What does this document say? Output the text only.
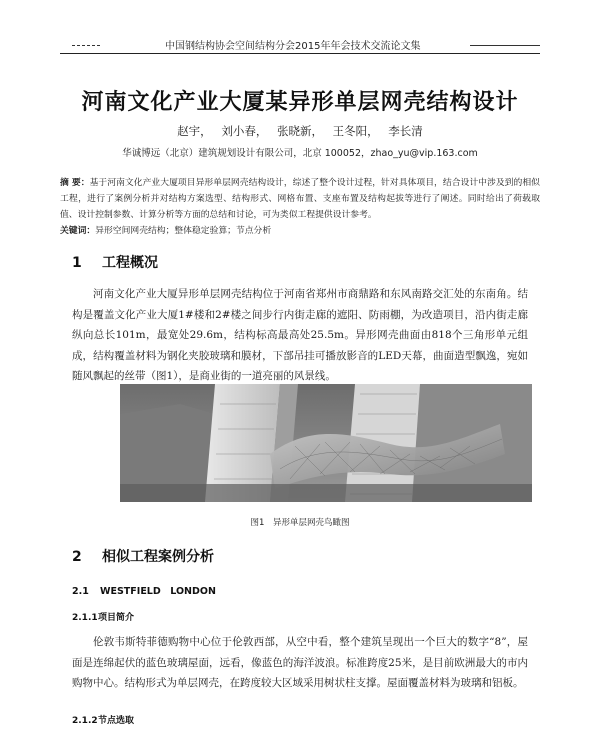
中国钢结构协会空间结构分会2015年年会技术交流论文集
河南文化产业大厦某异形单层网壳结构设计
赵宇， 刘小春， 张晓新， 王冬阳， 李长清
华诚博远（北京）建筑规划设计有限公司，北京 100052，zhao_yu@vip.163.com
摘 要：基于河南文化产业大厦项目异形单层网壳结构设计，综述了整个设计过程，针对具体项目，结合设计中涉及到的相似工程，进行了案例分析并对结构方案选型、结构形式、网格布置、支座布置及结构起拔等进行了阐述。同时给出了荷载取值、设计控制参数、计算分析等方面的总结和讨论，可为类似工程提供设计参考。
关键词：异形空间网壳结构；整体稳定验算；节点分析
1 工程概况
河南文化产业大厦异形单层网壳结构位于河南省郑州市商鼎路和东风南路交汇处的东南角。结构是覆盖文化产业大厦1#楼和2#楼之间步行内街走廊的遮阳、防雨棚，为改造项目，沿内街走廊纵向总长101m，最宽处29.6m，结构标高最高处25.5m。异形网壳曲面由818个三角形单元组成，结构覆盖材料为钢化夹胶玻璃和膜材，下部吊挂可播放影音的LED天幕，曲面造型飘逸，宛如随风飘起的丝带（图1），是商业街的一道亮丽的风景线。
图1　异形单层网壳鸟瞰图
2 相似工程案例分析
2.1 WESTFIELD　LONDON
2.1.1项目简介
伦敦韦斯特菲德购物中心位于伦敦西部，从空中看，整个建筑呈现出一个巨大的数字“8”，屋面是连绵起伏的蓝色玻璃屋面，远看，像蓝色的海洋波浪。标准跨度25米，是目前欧洲最大的市内购物中心。结构形式为单层网壳，在跨度较大区域采用树状柱支撑。屋面覆盖材料为玻璃和铝板。
2.1.2节点选取
